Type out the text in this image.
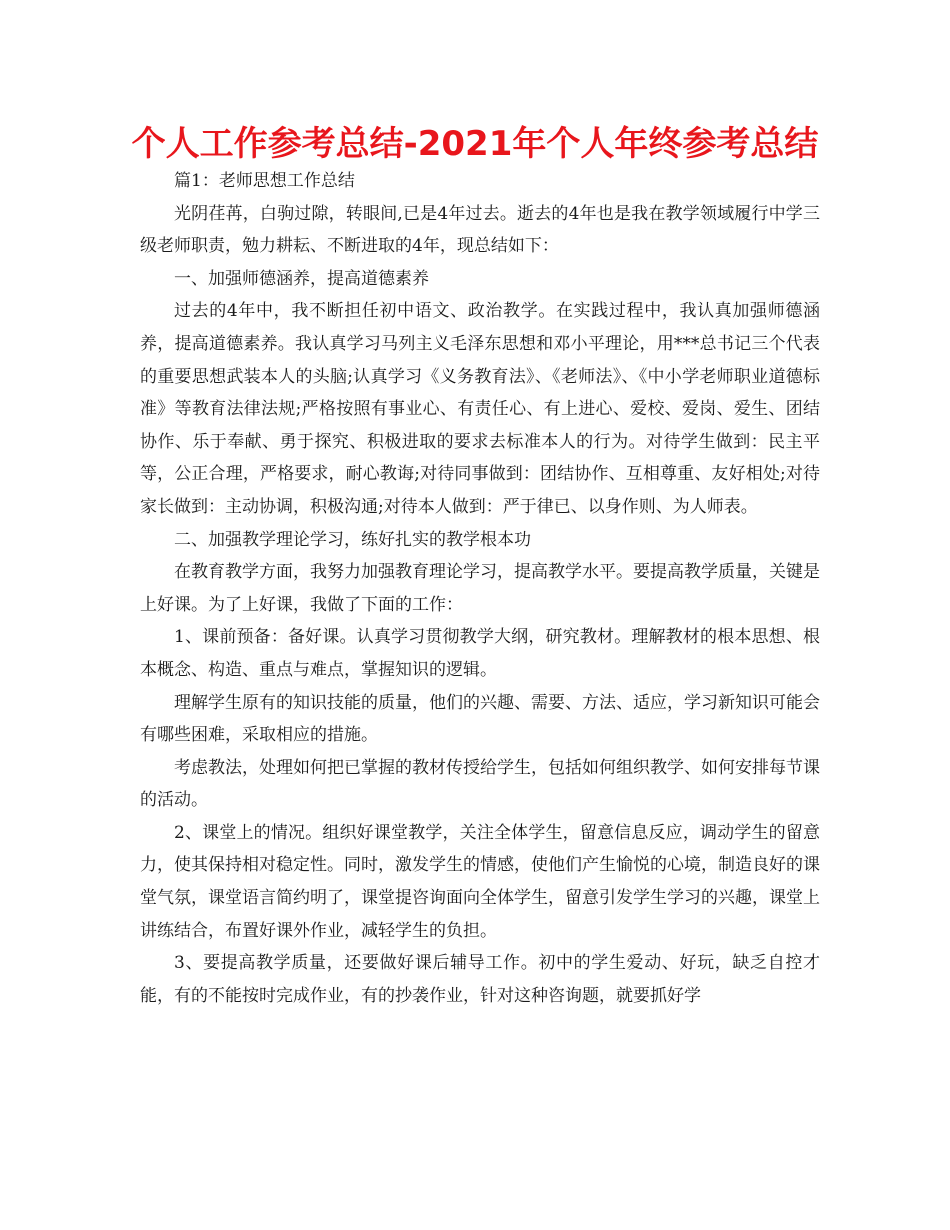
个人工作参考总结-2021年个人年终参考总结

篇1：老师思想工作总结

光阴荏苒，白驹过隙，转眼间,已是4年过去。逝去的4年也是我在教学领域履行中学三级老师职责，勉力耕耘、不断进取的4年，现总结如下：

一、加强师德涵养，提高道德素养

过去的4年中，我不断担任初中语文、政治教学。在实践过程中，我认真加强师德涵养，提高道德素养。我认真学习马列主义毛泽东思想和邓小平理论，用***总书记三个代表的重要思想武装本人的头脑;认真学习《义务教育法》、《老师法》、《中小学老师职业道德标准》等教育法律法规;严格按照有事业心、有责任心、有上进心、爱校、爱岗、爱生、团结协作、乐于奉献、勇于探究、积极进取的要求去标准本人的行为。对待学生做到：民主平等，公正合理，严格要求，耐心教诲;对待同事做到：团结协作、互相尊重、友好相处;对待家长做到：主动协调，积极沟通;对待本人做到：严于律已、以身作则、为人师表。

二、加强教学理论学习，练好扎实的教学根本功

在教育教学方面，我努力加强教育理论学习，提高教学水平。要提高教学质量，关键是上好课。为了上好课，我做了下面的工作：

1、课前预备：备好课。认真学习贯彻教学大纲，研究教材。理解教材的根本思想、根本概念、构造、重点与难点，掌握知识的逻辑。

理解学生原有的知识技能的质量，他们的兴趣、需要、方法、适应，学习新知识可能会有哪些困难，采取相应的措施。

考虑教法，处理如何把已掌握的教材传授给学生，包括如何组织教学、如何安排每节课的活动。

2、课堂上的情况。组织好课堂教学，关注全体学生，留意信息反应，调动学生的留意力，使其保持相对稳定性。同时，激发学生的情感，使他们产生愉悦的心境，制造良好的课堂气氛，课堂语言简约明了，课堂提咨询面向全体学生，留意引发学生学习的兴趣，课堂上讲练结合，布置好课外作业，减轻学生的负担。

3、要提高教学质量，还要做好课后辅导工作。初中的学生爱动、好玩，缺乏自控才能，有的不能按时完成作业，有的抄袭作业，针对这种咨询题，就要抓好学
